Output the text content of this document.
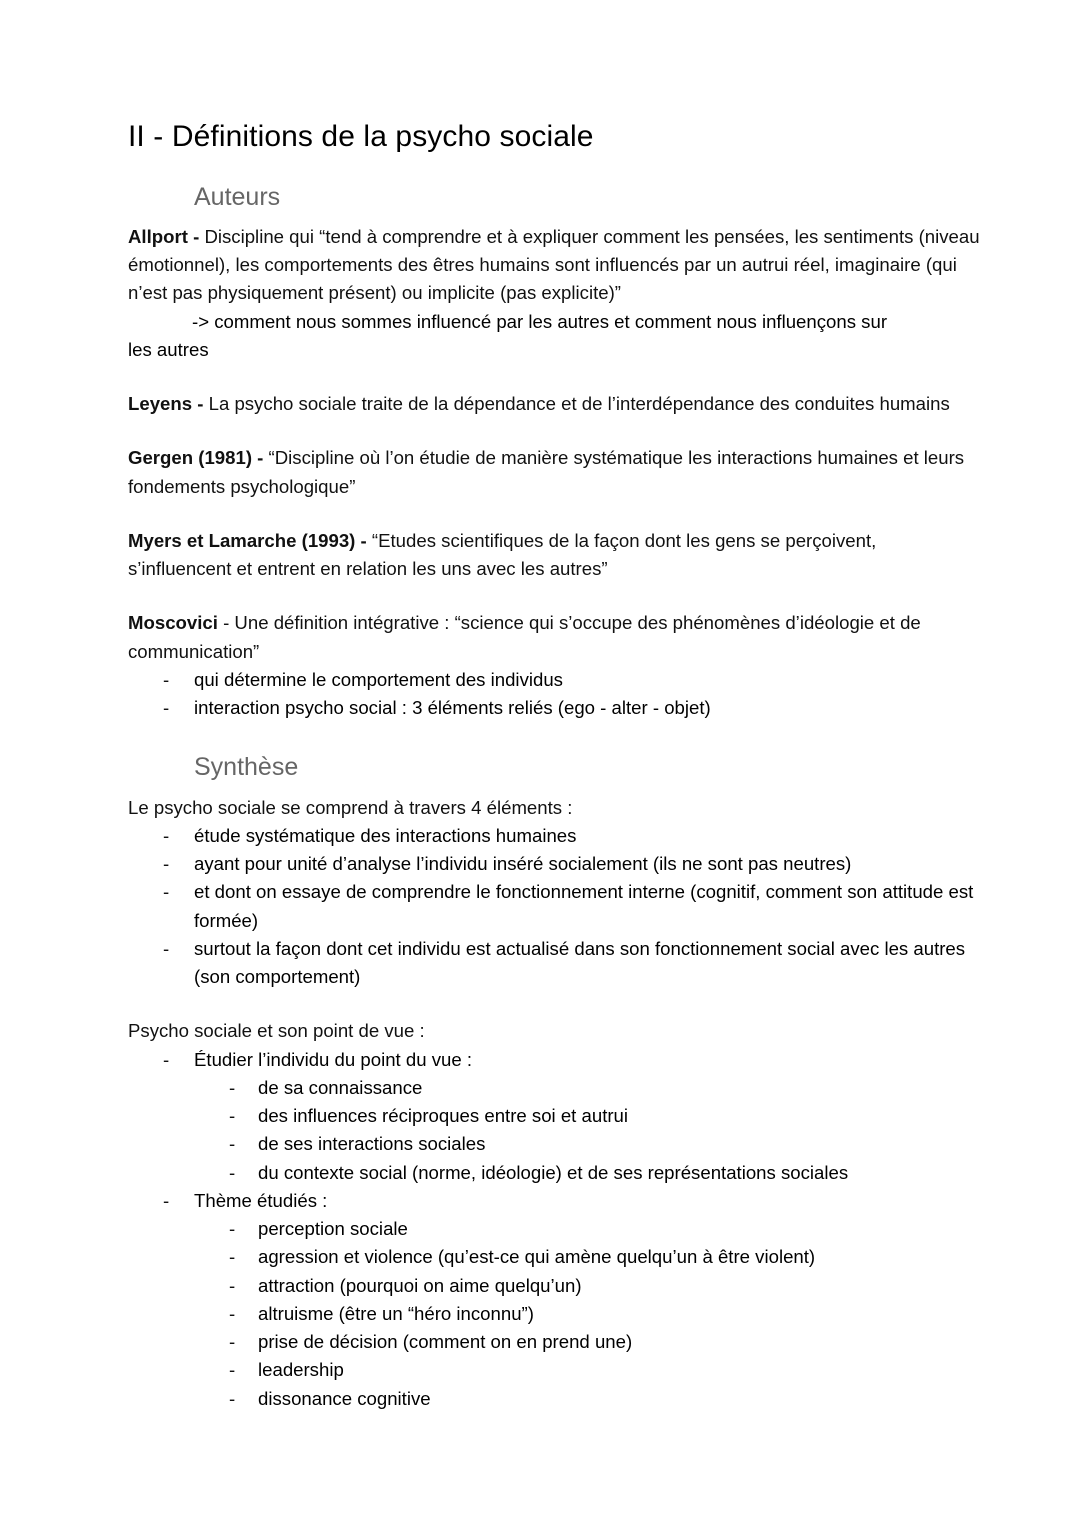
II - Définitions de la psycho sociale
Auteurs

Allport - Discipline qui “tend à comprendre et à expliquer comment les pensées, les sentiments (niveau émotionnel), les comportements des êtres humains sont influencés par un autrui réel, imaginaire (qui n’est pas physiquement présent) ou implicite (pas explicite)”

-> comment nous sommes influencé par les autres et comment nous influençons sur

les autres

Leyens - La psycho sociale traite de la dépendance et de l’interdépendance des conduites humains

Gergen (1981) - “Discipline où l’on étudie de manière systématique les interactions humaines et leurs fondements psychologique”

Myers et Lamarche (1993) - “Etudes scientifiques de la façon dont les gens se perçoivent, s’influencent et entrent en relation les uns avec les autres”

Moscovici - Une définition intégrative : “science qui s’occupe des phénomènes d’idéologie et de communication”

- qui détermine le comportement des individus
- interaction psycho social : 3 éléments reliés (ego - alter - objet)
Synthèse

Le psycho sociale se comprend à travers 4 éléments :

- étude systématique des interactions humaines
- ayant pour unité d’analyse l’individu inséré socialement (ils ne sont pas neutres)
- et dont on essaye de comprendre le fonctionnement interne (cognitif, comment son attitude est formée)
- surtout la façon dont cet individu est actualisé dans son fonctionnement social avec les autres (son comportement)

Psycho sociale et son point de vue :

- Étudier l’individu du point du vue :
- de sa connaissance
- des influences réciproques entre soi et autrui
- de ses interactions sociales
- du contexte social (norme, idéologie) et de ses représentations sociales
- Thème étudiés :
- perception sociale
- agression et violence (qu’est-ce qui amène quelqu’un à être violent)
- attraction (pourquoi on aime quelqu’un)
- altruisme (être un “héro inconnu”)
- prise de décision (comment on en prend une)
- leadership
- dissonance cognitive
